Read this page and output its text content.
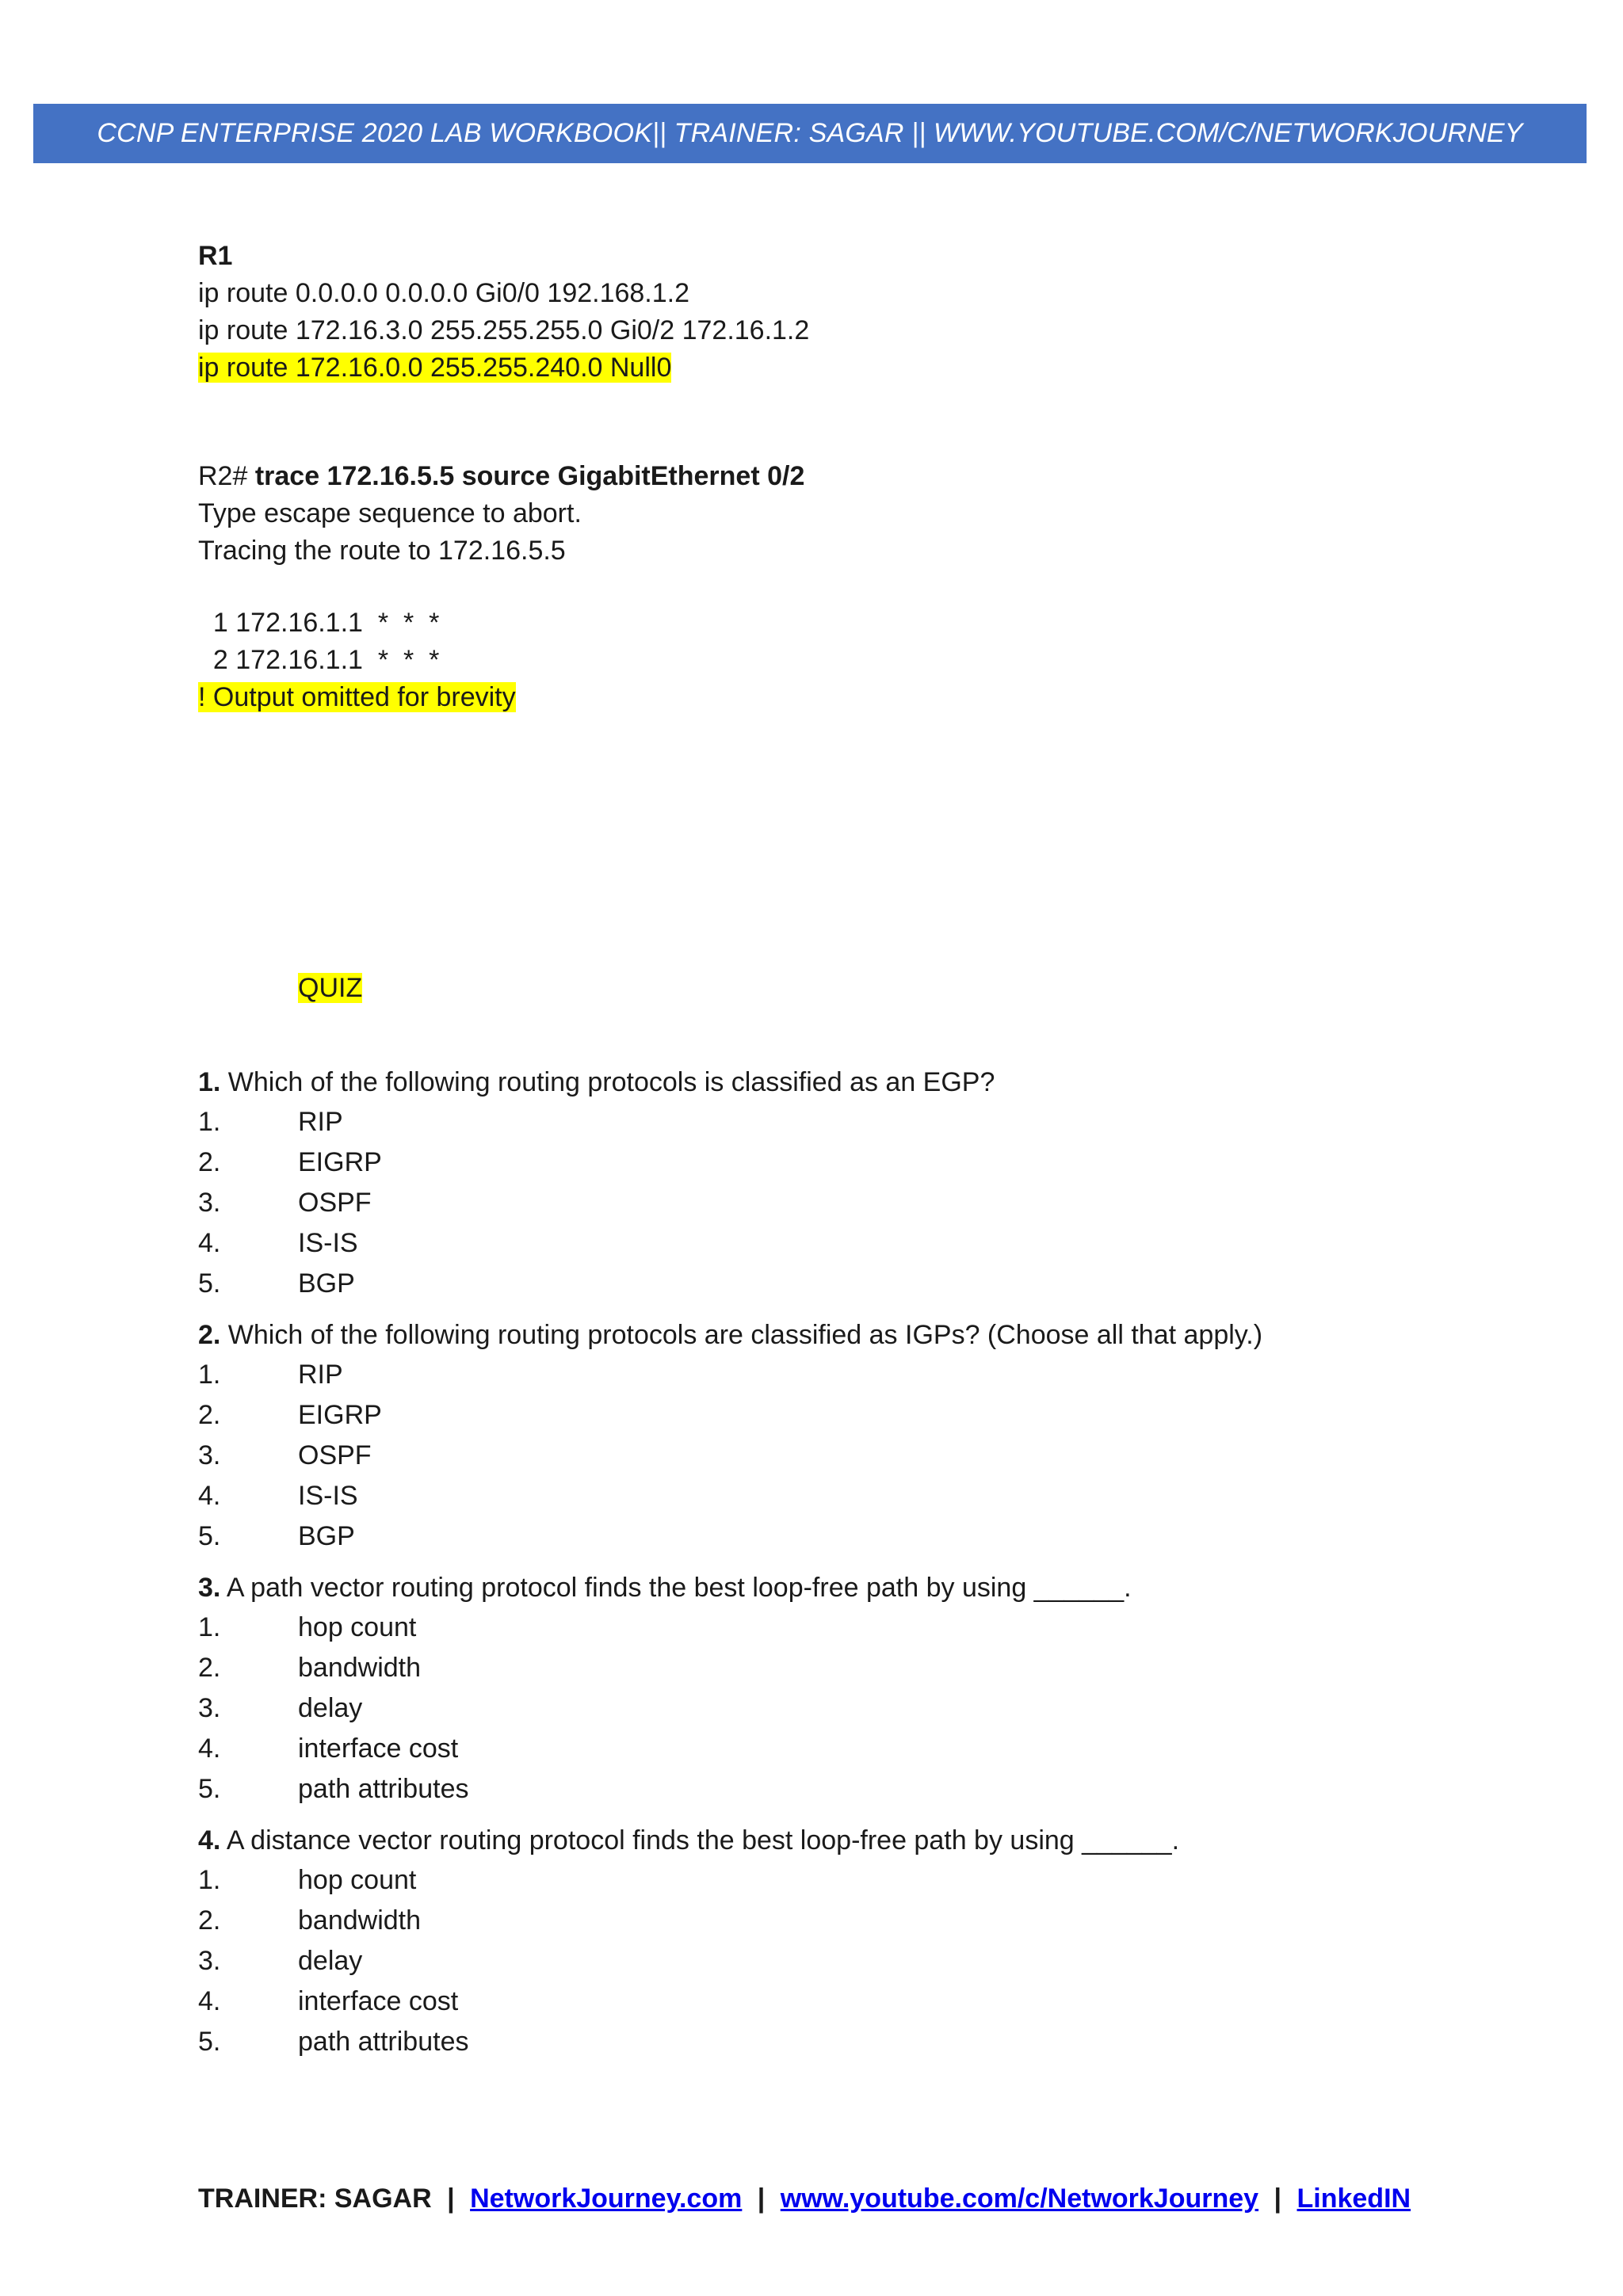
CCNP ENTERPRISE 2020 LAB WORKBOOK|| TRAINER: SAGAR || WWW.YOUTUBE.COM/C/NETWORKJOURNEY
R1
ip route 0.0.0.0 0.0.0.0 Gi0/0 192.168.1.2
ip route 172.16.3.0 255.255.255.0 Gi0/2 172.16.1.2
ip route 172.16.0.0 255.255.240.0 Null0
R2# trace 172.16.5.5 source GigabitEthernet 0/2
Type escape sequence to abort.
Tracing the route to 172.16.5.5
1 172.16.1.1  *  *  *
2 172.16.1.1  *  *  *
! Output omitted for brevity
QUIZ
1. Which of the following routing protocols is classified as an EGP?
1.	RIP
2.	EIGRP
3.	OSPF
4.	IS-IS
5.	BGP
2. Which of the following routing protocols are classified as IGPs? (Choose all that apply.)
1.	RIP
2.	EIGRP
3.	OSPF
4.	IS-IS
5.	BGP
3. A path vector routing protocol finds the best loop-free path by using ______.
1.	hop count
2.	bandwidth
3.	delay
4.	interface cost
5.	path attributes
4. A distance vector routing protocol finds the best loop-free path by using ______.
1.	hop count
2.	bandwidth
3.	delay
4.	interface cost
5.	path attributes
TRAINER: SAGAR | NetworkJourney.com | www.youtube.com/c/NetworkJourney | LinkedIN
